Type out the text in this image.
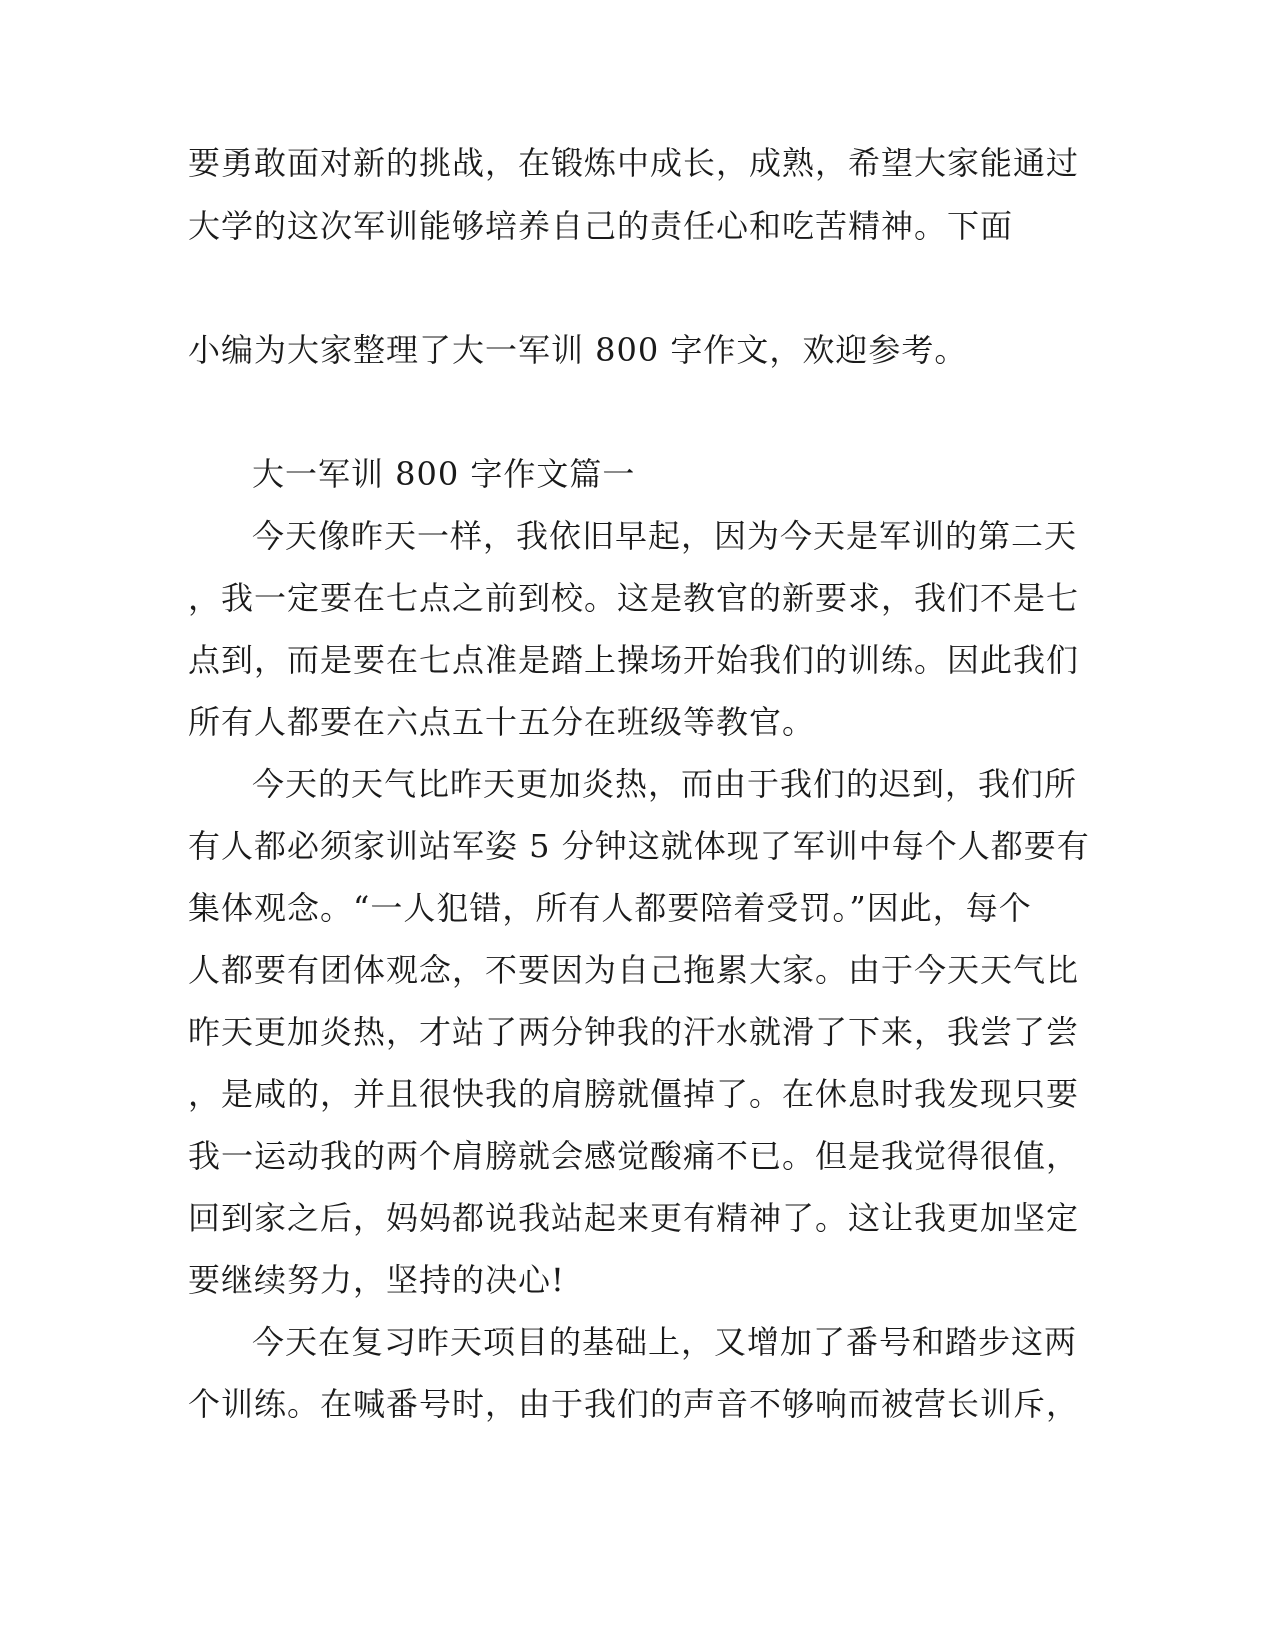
要勇敢面对新的挑战，在锻炼中成长，成熟，希望大家能通过
大学的这次军训能够培养自己的责任心和吃苦精神。下面
小编为大家整理了大一军训 800 字作文，欢迎参考。
大一军训 800 字作文篇一
今天像昨天一样，我依旧早起，因为今天是军训的第二天
，我一定要在七点之前到校。这是教官的新要求，我们不是七
点到，而是要在七点准是踏上操场开始我们的训练。因此我们
所有人都要在六点五十五分在班级等教官。
今天的天气比昨天更加炎热，而由于我们的迟到，我们所
有人都必须家训站军姿 5 分钟这就体现了军训中每个人都要有
集体观念。“一人犯错，所有人都要陪着受罚。”因此，每个
人都要有团体观念，不要因为自己拖累大家。由于今天天气比
昨天更加炎热，才站了两分钟我的汗水就滑了下来，我尝了尝
，是咸的，并且很快我的肩膀就僵掉了。在休息时我发现只要
我一运动我的两个肩膀就会感觉酸痛不已。但是我觉得很值，
回到家之后，妈妈都说我站起来更有精神了。这让我更加坚定
要继续努力，坚持的决心!
今天在复习昨天项目的基础上，又增加了番号和踏步这两
个训练。在喊番号时，由于我们的声音不够响而被营长训斥，
